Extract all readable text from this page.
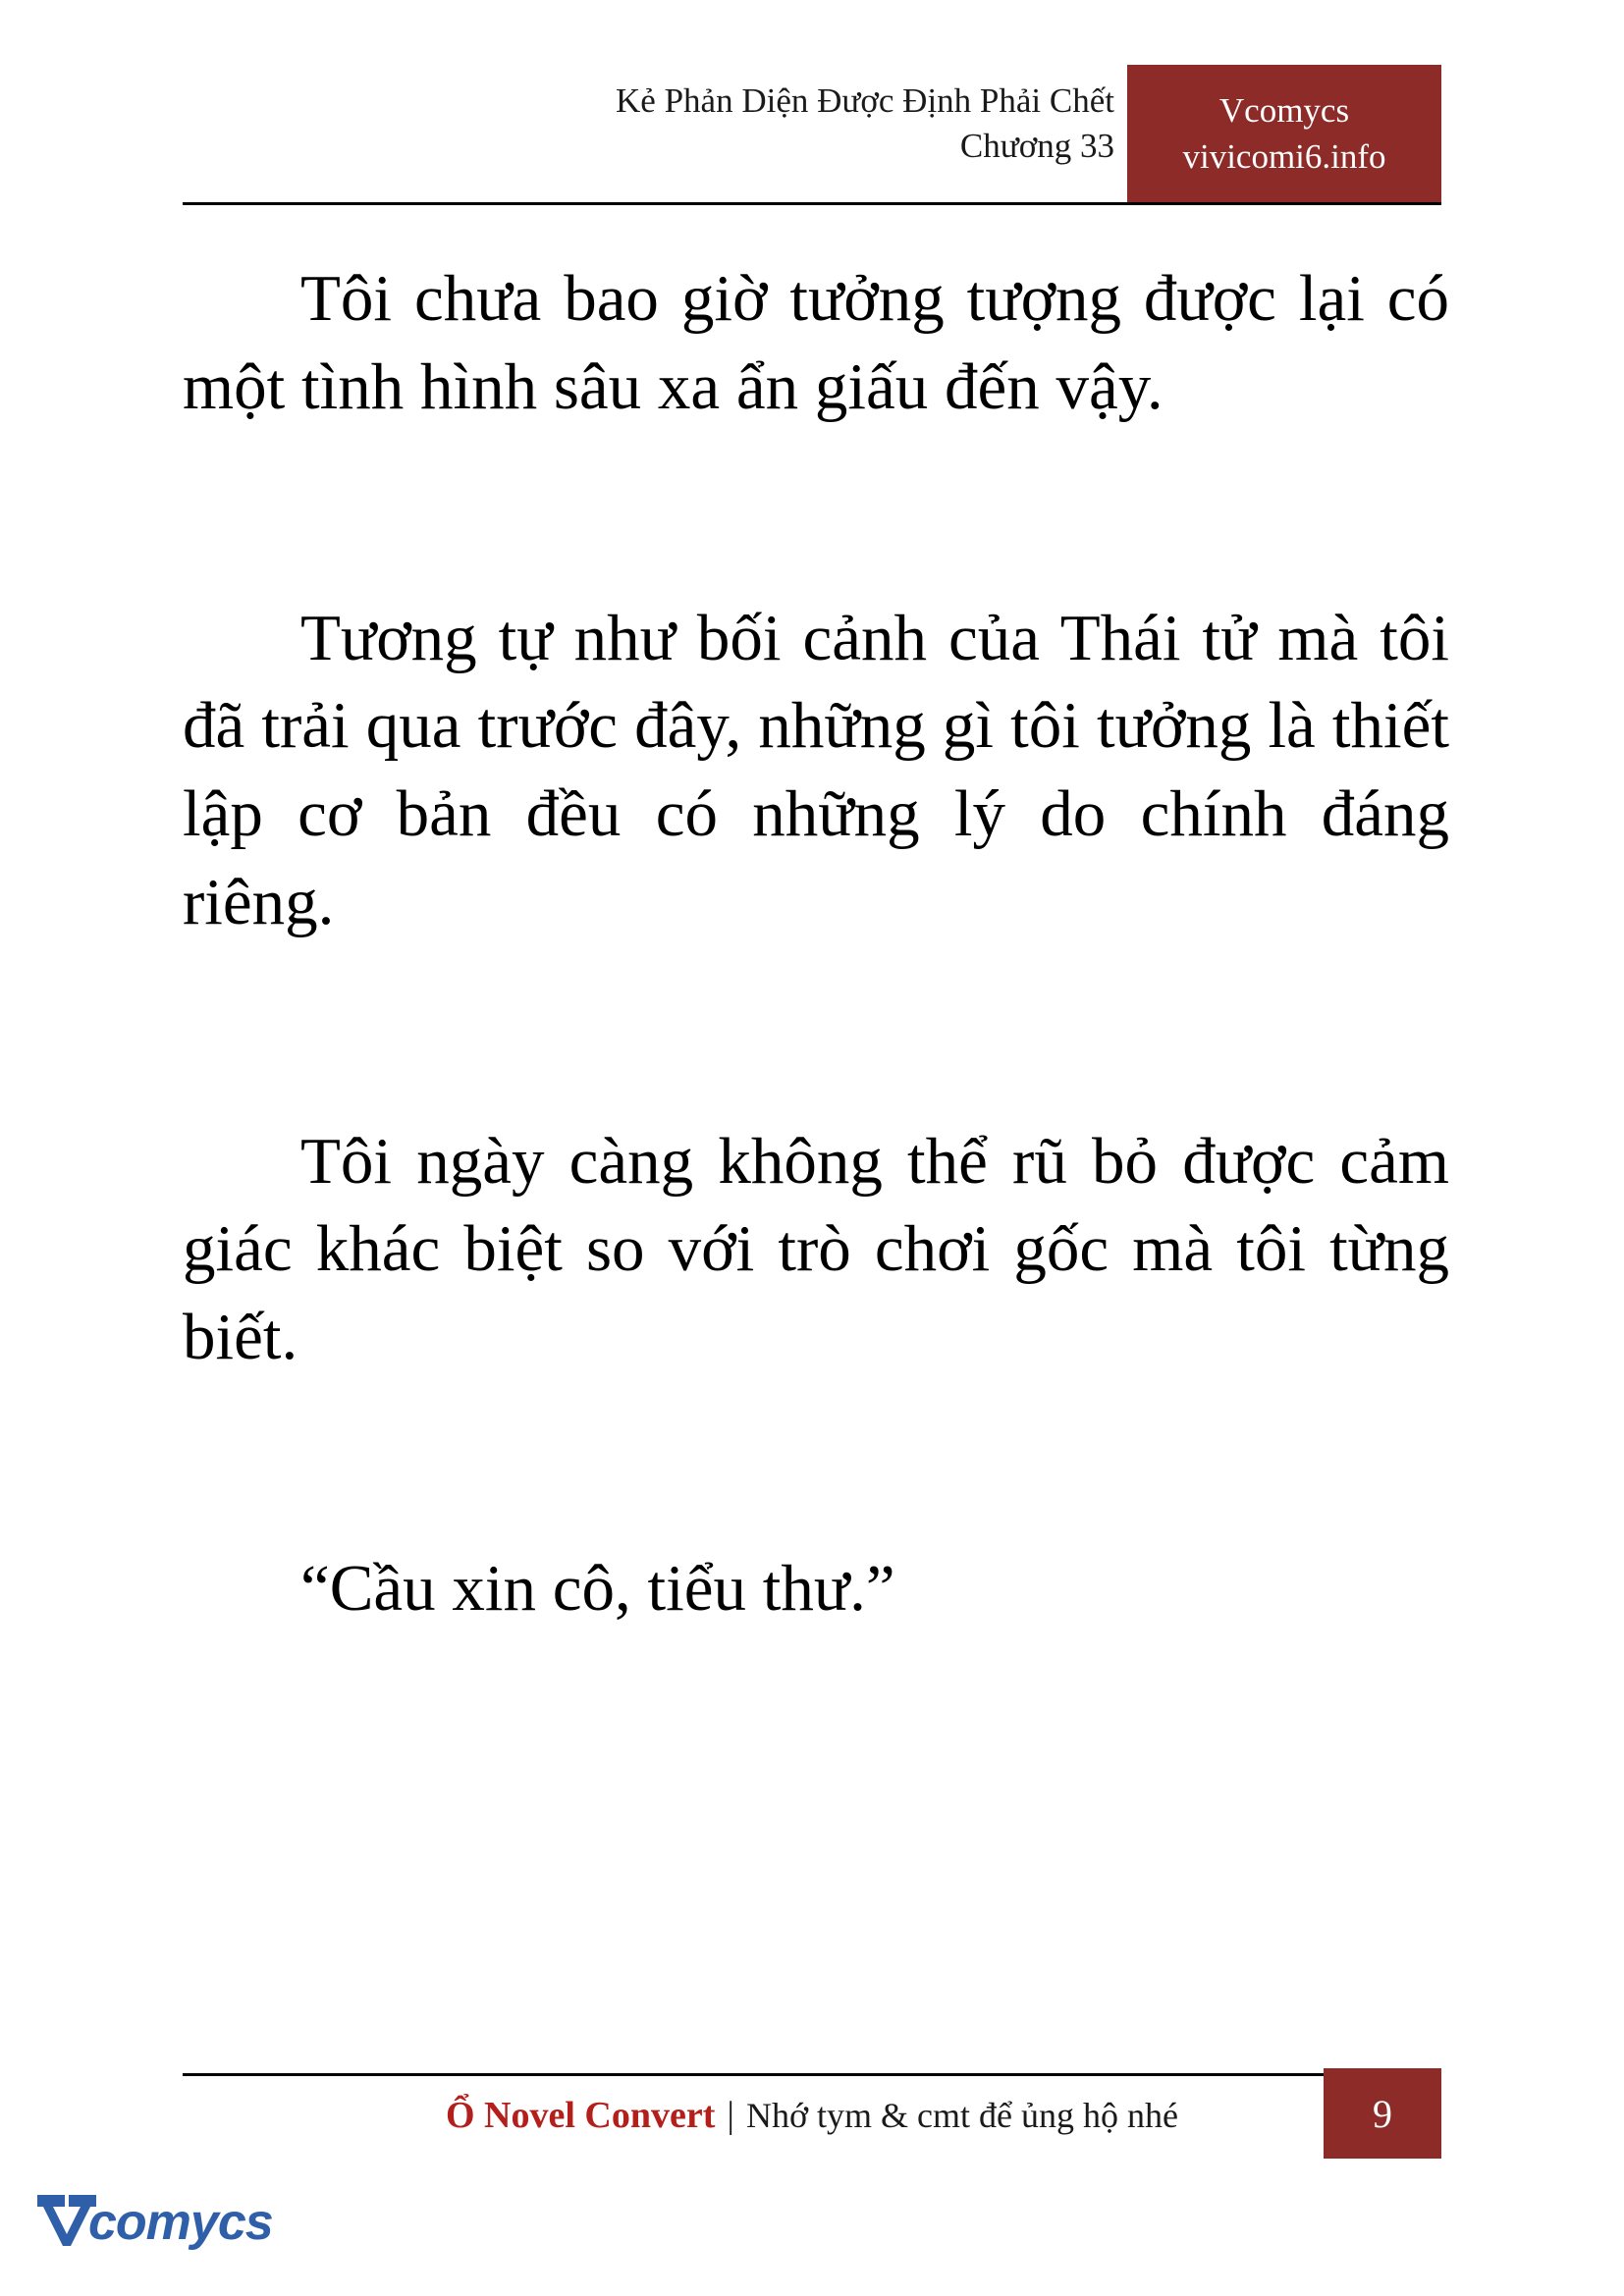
Kẻ Phản Diện Được Định Phải Chết
Chương 33
Vcomycs
vivicomi6.info

Tôi chưa bao giờ tưởng tượng được lại có một tình hình sâu xa ẩn giấu đến vậy.

Tương tự như bối cảnh của Thái tử mà tôi đã trải qua trước đây, những gì tôi tưởng là thiết lập cơ bản đều có những lý do chính đáng riêng.

Tôi ngày càng không thể rũ bỏ được cảm giác khác biệt so với trò chơi gốc mà tôi từng biết.

“Cầu xin cô, tiểu thư.”

Ổ Novel Convert | Nhớ tym & cmt để ủng hộ nhé	9
comycs
